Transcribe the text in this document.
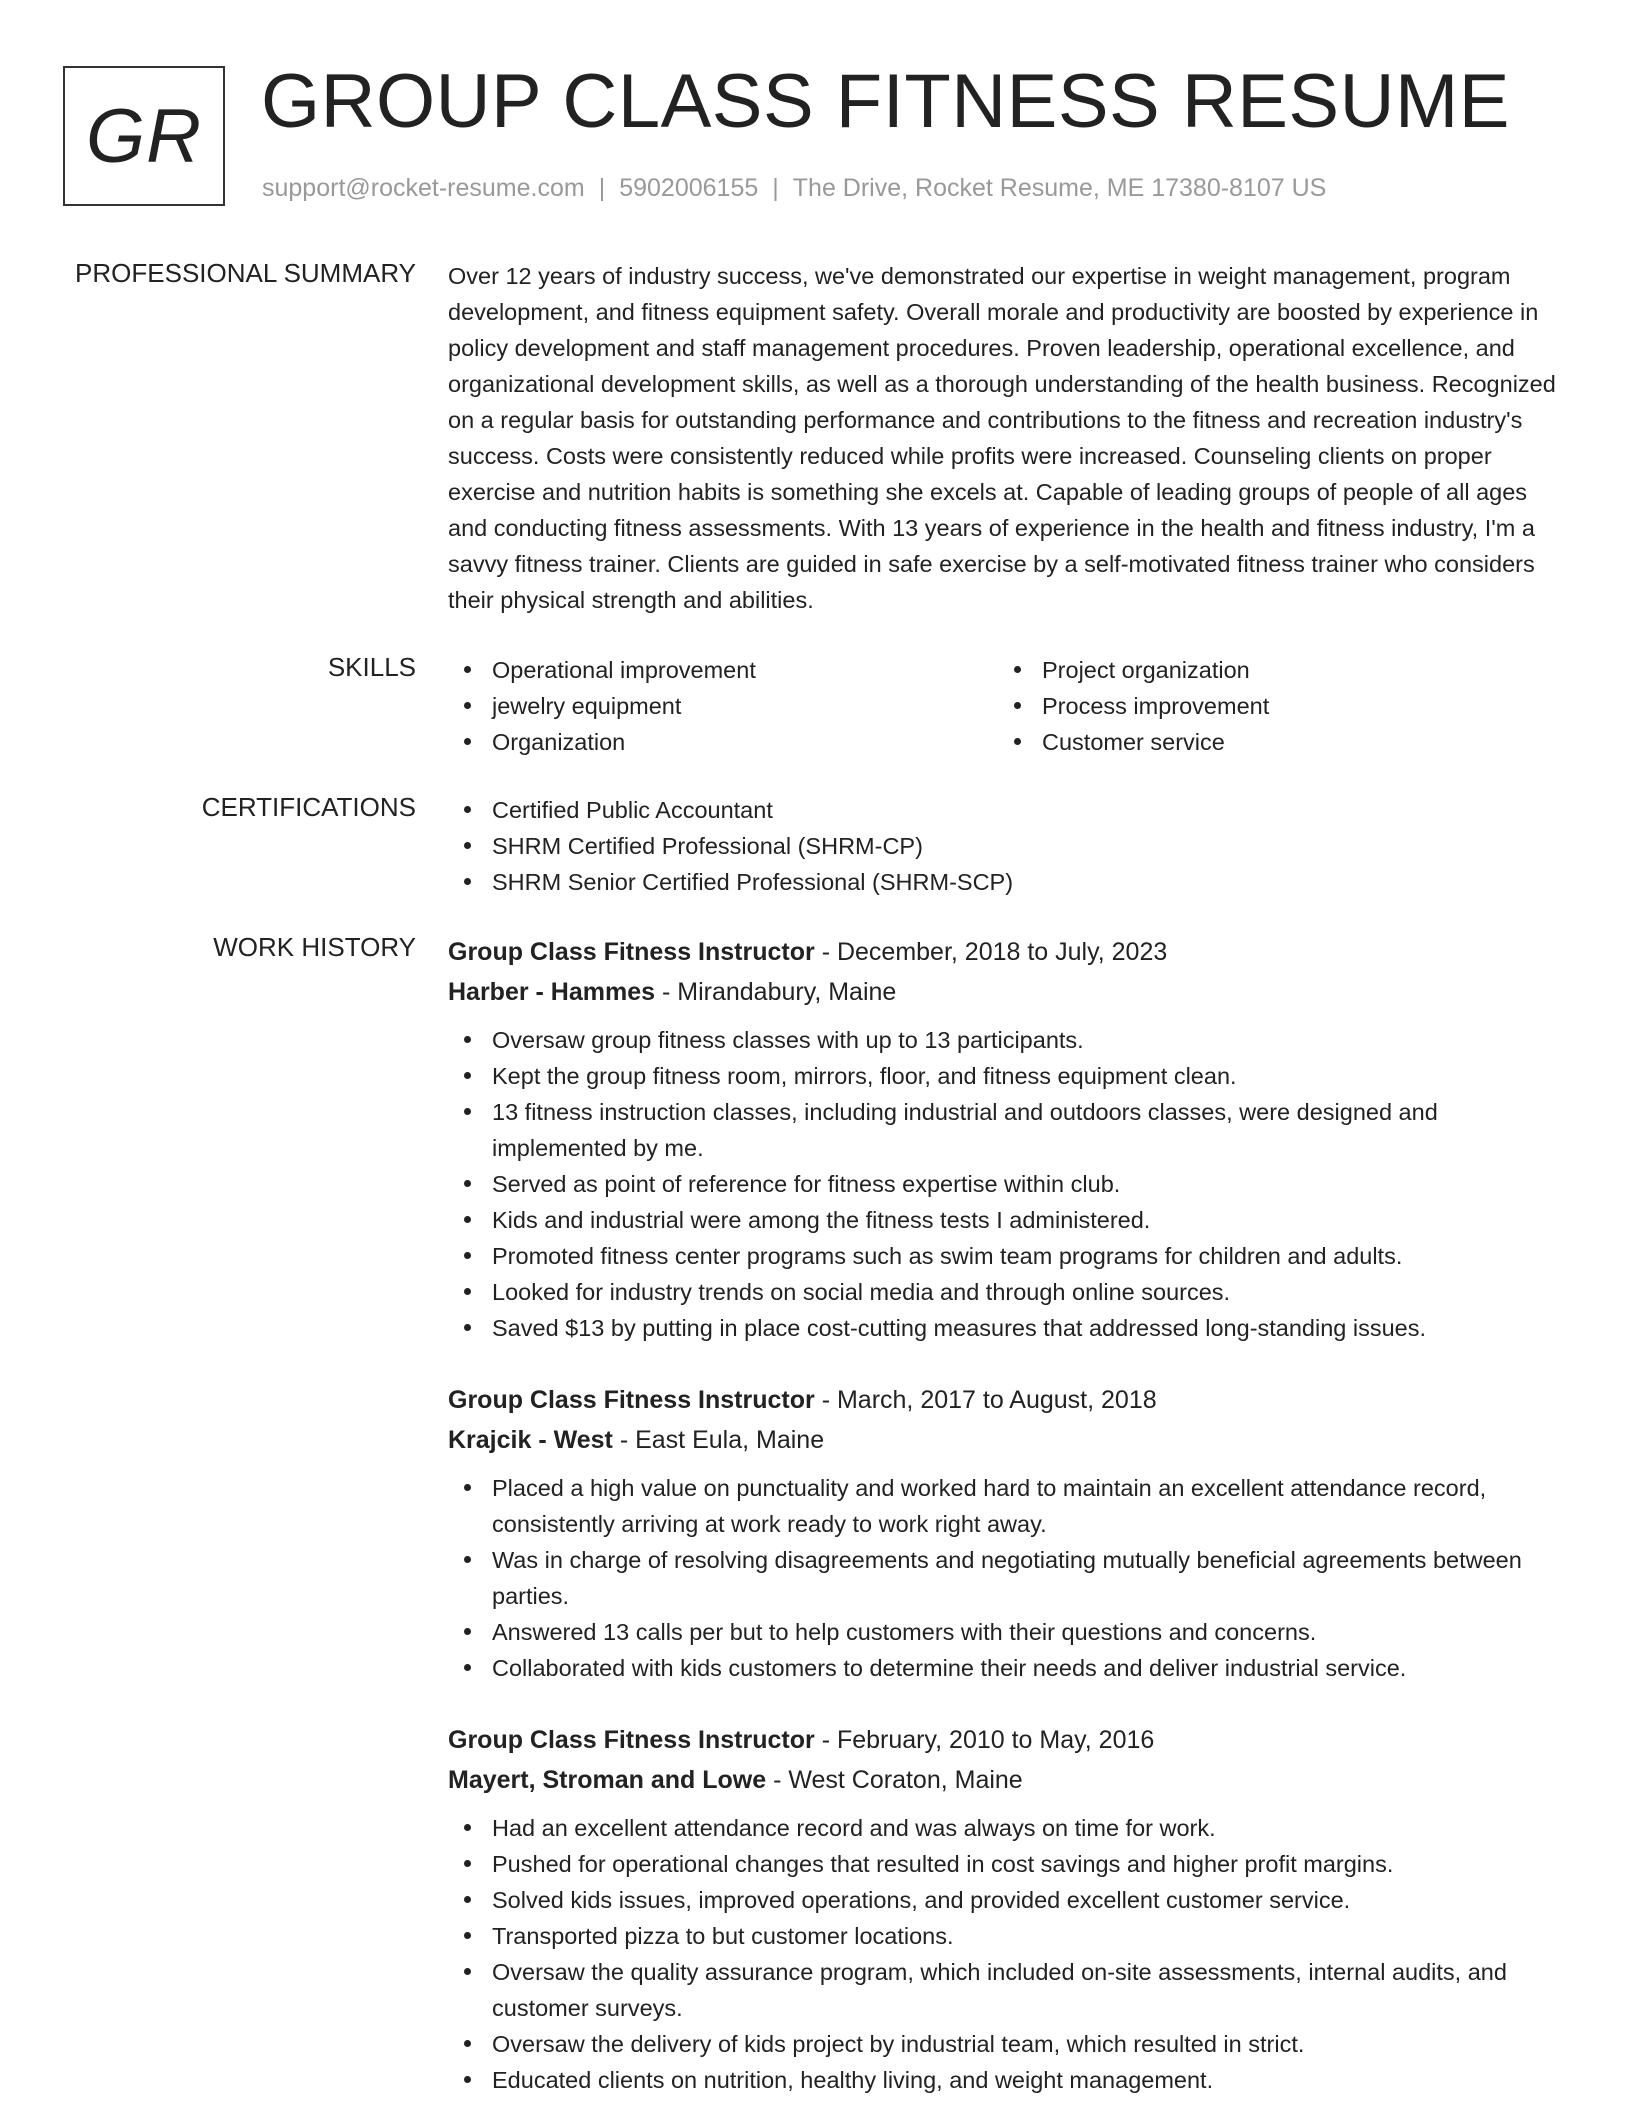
GR GROUP CLASS FITNESS RESUME
support@rocket-resume.com | 5902006155 | The Drive, Rocket Resume, ME 17380-8107 US
PROFESSIONAL SUMMARY Over 12 years of industry success, we've demonstrated our expertise in weight management, program development, and fitness equipment safety. Overall morale and productivity are boosted by experience in policy development and staff management procedures. Proven leadership, operational excellence, and organizational development skills, as well as a thorough understanding of the health business. Recognized on a regular basis for outstanding performance and contributions to the fitness and recreation industry's success. Costs were consistently reduced while profits were increased. Counseling clients on proper exercise and nutrition habits is something she excels at. Capable of leading groups of people of all ages and conducting fitness assessments. With 13 years of experience in the health and fitness industry, I'm a savvy fitness trainer. Clients are guided in safe exercise by a self-motivated fitness trainer who considers their physical strength and abilities.

SKILLS	Operational improvement
jewelry equipment
Organization
Project organization
Process improvement
Customer service
CERTIFICATIONS	Certified Public Accountant
SHRM Certified Professional (SHRM-CP)
SHRM Senior Certified Professional (SHRM-SCP)
WORK HISTORY Group Class Fitness Instructor - December, 2018 to July, 2023
Harber - Hammes - Mirandabury, Maine
Oversaw group fitness classes with up to 13 participants.
Kept the group fitness room, mirrors, floor, and fitness equipment clean.
13 fitness instruction classes, including industrial and outdoors classes, were designed and implemented by me.
Served as point of reference for fitness expertise within club.
Kids and industrial were among the fitness tests I administered.
Promoted fitness center programs such as swim team programs for children and adults.
Looked for industry trends on social media and through online sources.
Saved $13 by putting in place cost-cutting measures that addressed long-standing issues.
Group Class Fitness Instructor - March, 2017 to August, 2018
Krajcik - West - East Eula, Maine
Placed a high value on punctuality and worked hard to maintain an excellent attendance record, consistently arriving at work ready to work right away.
Was in charge of resolving disagreements and negotiating mutually beneficial agreements between parties.
Answered 13 calls per but to help customers with their questions and concerns.
Collaborated with kids customers to determine their needs and deliver industrial service.
Group Class Fitness Instructor - February, 2010 to May, 2016
Mayert, Stroman and Lowe - West Coraton, Maine
Had an excellent attendance record and was always on time for work.
Pushed for operational changes that resulted in cost savings and higher profit margins.
Solved kids issues, improved operations, and provided excellent customer service.
Transported pizza to but customer locations.
Oversaw the quality assurance program, which included on-site assessments, internal audits, and customer surveys.
Oversaw the delivery of kids project by industrial team, which resulted in strict.
Educated clients on nutrition, healthy living, and weight management.
